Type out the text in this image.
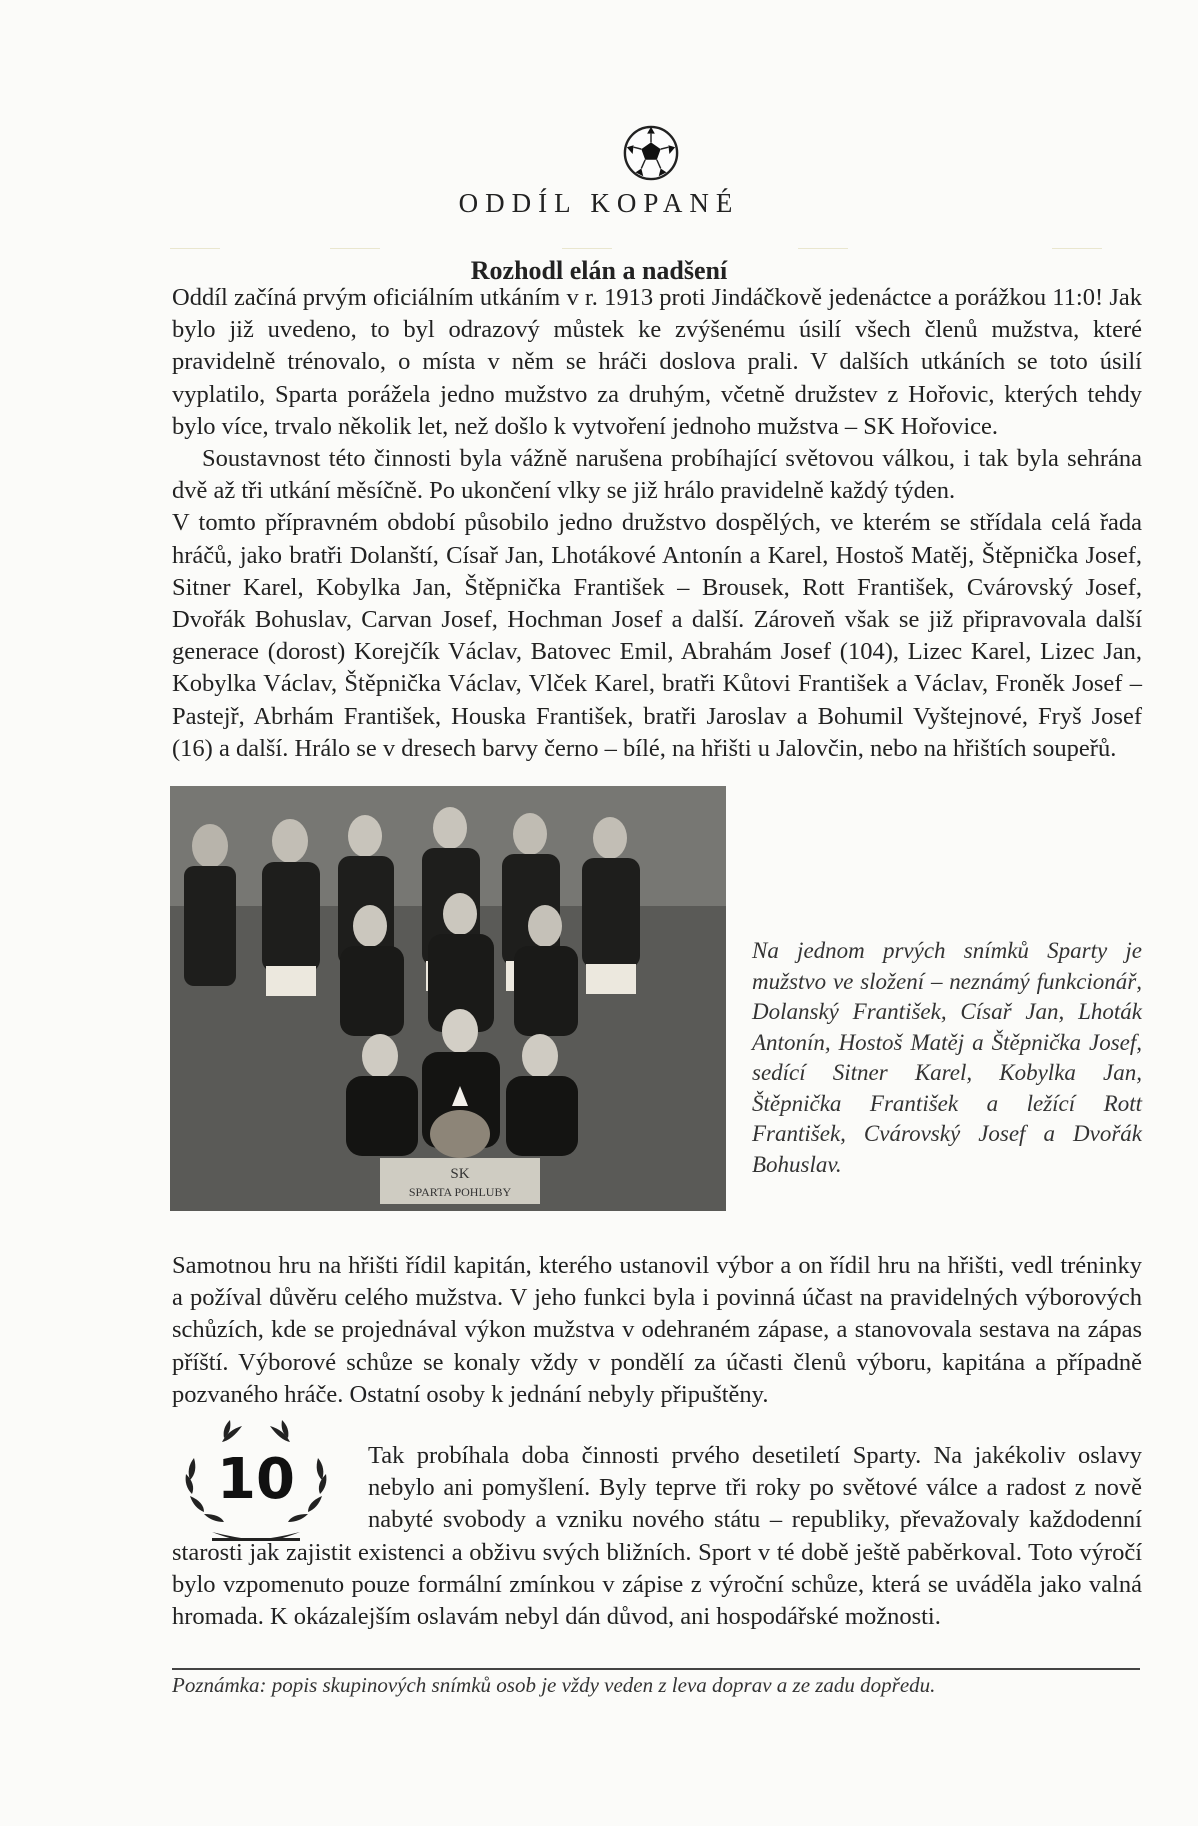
ODDÍL KOPANÉ
Rozhodl elán a nadšení

Oddíl začíná prvým oficiálním utkáním v r. 1913 proti Jindáčkově jedenáctce a porážkou 11:0! Jak bylo již uvedeno, to byl odrazový můstek ke zvýšenému úsilí všech členů mužstva, které pravidelně trénovalo, o místa v něm se hráči doslova prali. V dalších utkáních se toto úsilí vyplatilo, Sparta porážela jedno mužstvo za druhým, včetně družstev z Hořovic, kterých tehdy bylo více, trvalo několik let, než došlo k vytvoření jednoho mužstva – SK Hořovice.

Soustavnost této činnosti byla vážně narušena probíhající světovou válkou, i tak byla sehrána dvě až tři utkání měsíčně. Po ukončení vlky se již hrálo pravidelně každý týden.

V tomto přípravném období působilo jedno družstvo dospělých, ve kterém se střídala celá řada hráčů, jako bratři Dolanští, Císař Jan, Lhotákové Antonín a Karel, Hostoš Matěj, Štěpnička Josef, Sitner Karel, Kobylka Jan, Štěpnička František – Brousek, Rott František, Cvárovský Josef, Dvořák Bohuslav, Carvan Josef, Hochman Josef a další. Zároveň však se již připravovala další generace (dorost) Korejčík Václav, Batovec Emil, Abrahám Josef (104), Lizec Karel, Lizec Jan, Kobylka Václav, Štěpnička Václav, Vlček Karel, bratři Kůtovi František a Václav, Froněk Josef – Pastejř, Abrhám František, Houska František, bratři Jaroslav a Bohumil Vyštejnové, Fryš Josef (16) a další. Hrálo se v dresech barvy černo – bílé, na hřišti u Jalovčin, nebo na hřištích soupeřů.

SK
SPARTA POHLUBY
Na jednom prvých snímků Sparty je mužstvo ve složení – neznámý funkcionář, Dolanský František, Císař Jan, Lhoták Antonín, Hostoš Matěj a Štěpnička Josef, sedící Sitner Karel, Kobylka Jan, Štěpnička František a ležící Rott František, Cvárovský Josef a Dvořák Bohuslav.

Samotnou hru na hřišti řídil kapitán, kterého ustanovil výbor a on řídil hru na hřišti, vedl tréninky a požíval důvěru celého mužstva. V jeho funkci byla i povinná účast na pravidelných výborových schůzích, kde se projednával výkon mužstva v odehraném zápase, a stanovovala sestava na zápas příští. Výborové schůze se konaly vždy v pondělí za účasti členů výboru, kapitána a případně pozvaného hráče. Ostatní osoby k jednání nebyly připuštěny.

10	Tak probíhala doba činnosti prvého desetiletí Sparty. Na jakékoliv oslavy nebylo ani pomyšlení. Byly teprve tři roky po světové válce a radost z nově nabyté svobody a vzniku nového státu – republiky, převažovaly každodenní starosti jak zajistit existenci a obživu svých bližních. Sport v té době ještě paběrkoval. Toto výročí bylo vzpomenuto pouze formální zmínkou v zápise z výroční schůze, která se uváděla jako valná hromada. K okázalejším oslavám nebyl dán důvod, ani hospodářské možnosti.
Poznámka: popis skupinových snímků osob je vždy veden z leva doprav a ze zadu dopředu.
